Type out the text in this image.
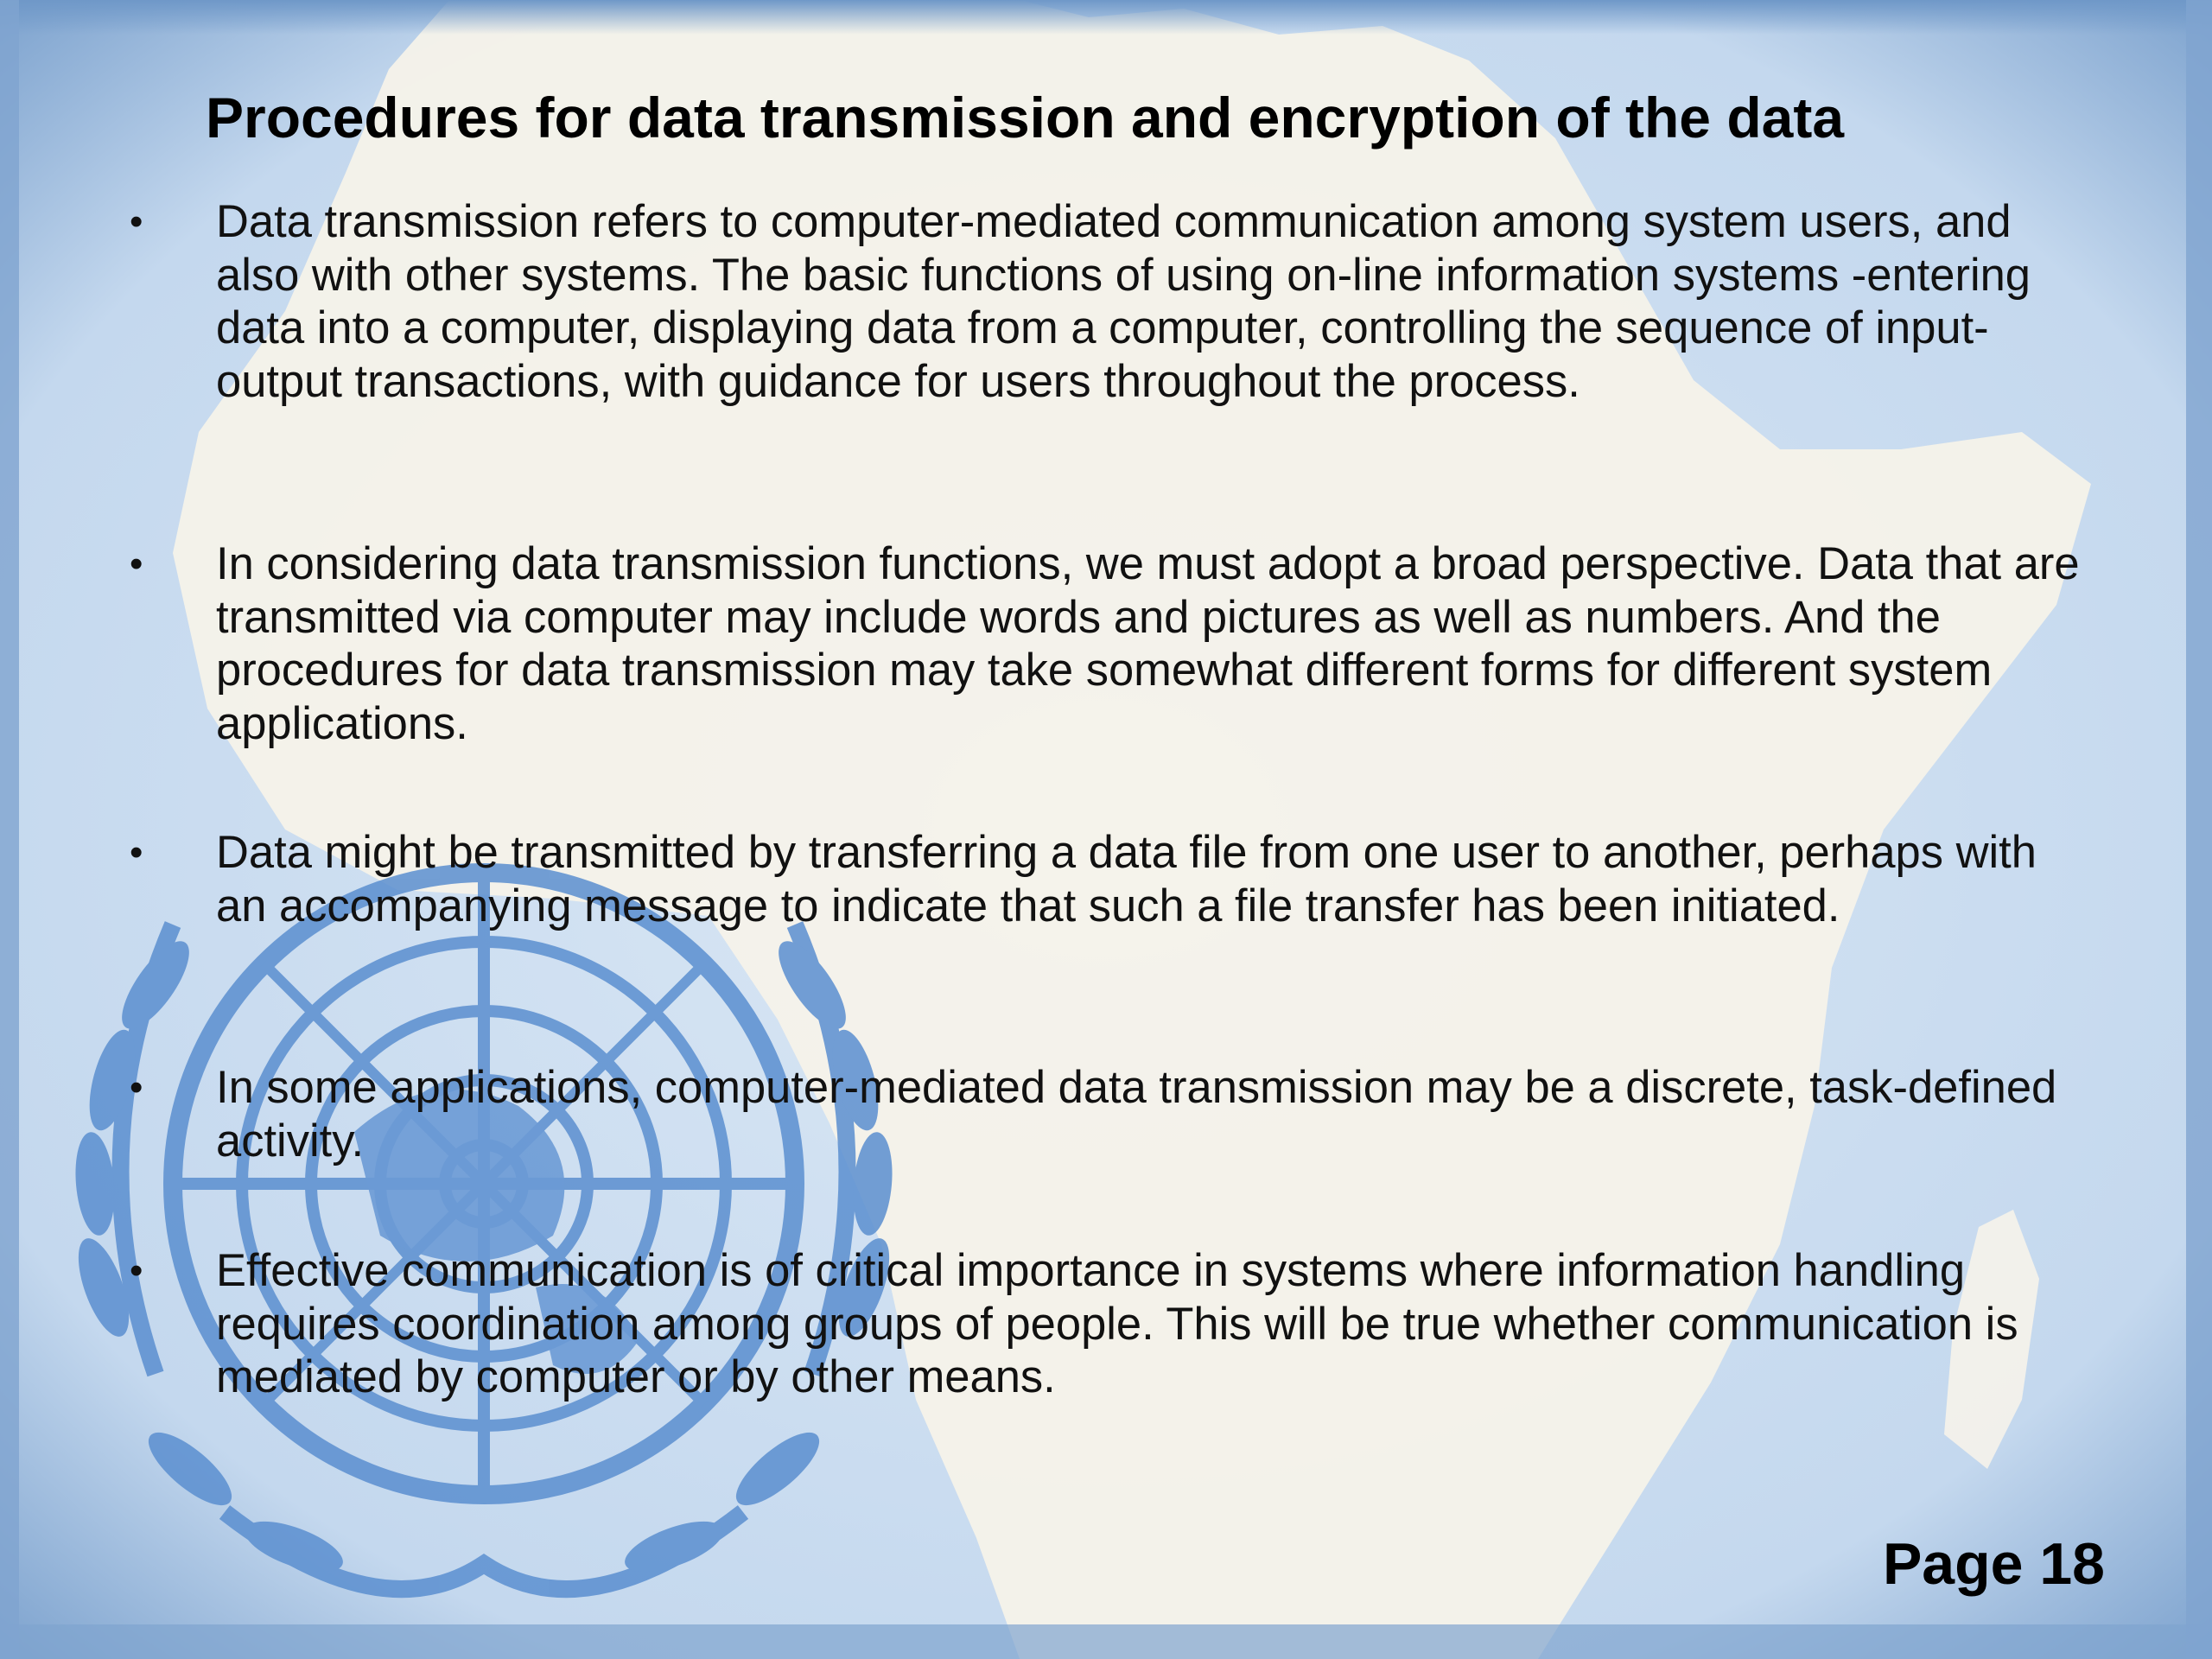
Procedures for data transmission and encryption of the data
•	Data transmission refers to computer-mediated communication among system users, and also with other systems. The basic functions of using on-line information systems -entering data into a computer, displaying data from a computer, controlling the sequence of input-output transactions, with guidance for users throughout the process.
•	In considering data transmission functions, we must adopt a broad perspective. Data that are transmitted via computer may include words and pictures as well as numbers. And the procedures for data transmission may take somewhat different forms for different system applications.
•	Data might be transmitted by transferring a data file from one user to another, perhaps with an accompanying message to indicate that such a file transfer has been initiated.
•	In some applications, computer-mediated data transmission may be a discrete, task-defined activity.
•	Effective communication is of critical importance in systems where information handling requires coordination among groups of people. This will be true whether communication is mediated by computer or by other means.
Page 18
